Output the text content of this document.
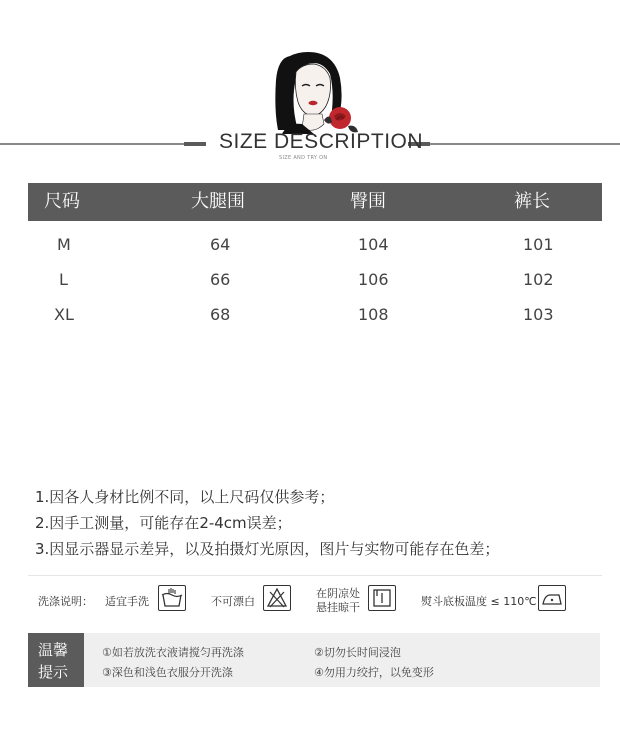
SIZE DESCRIPTION
SIZE AND TRY ON
尺码	大腿围	臀围	裤长
M	64	104	101
L	66	106	102
XL	68	108	103
1.因各人身材比例不同，以上尺码仅供参考；
2.因手工测量，可能存在2-4cm误差；
3.因显示器显示差异，以及拍摄灯光原因，图片与实物可能存在色差；
洗涤说明： 适宜手洗	不可漂白
在阴凉处
悬挂晾干	熨斗底板温度 ≤ 110℃
①如若放洗衣液请搅匀再洗涤	②切勿长时间浸泡
③深色和浅色衣服分开洗涤	④勿用力绞拧，以免变形
温馨
提示
